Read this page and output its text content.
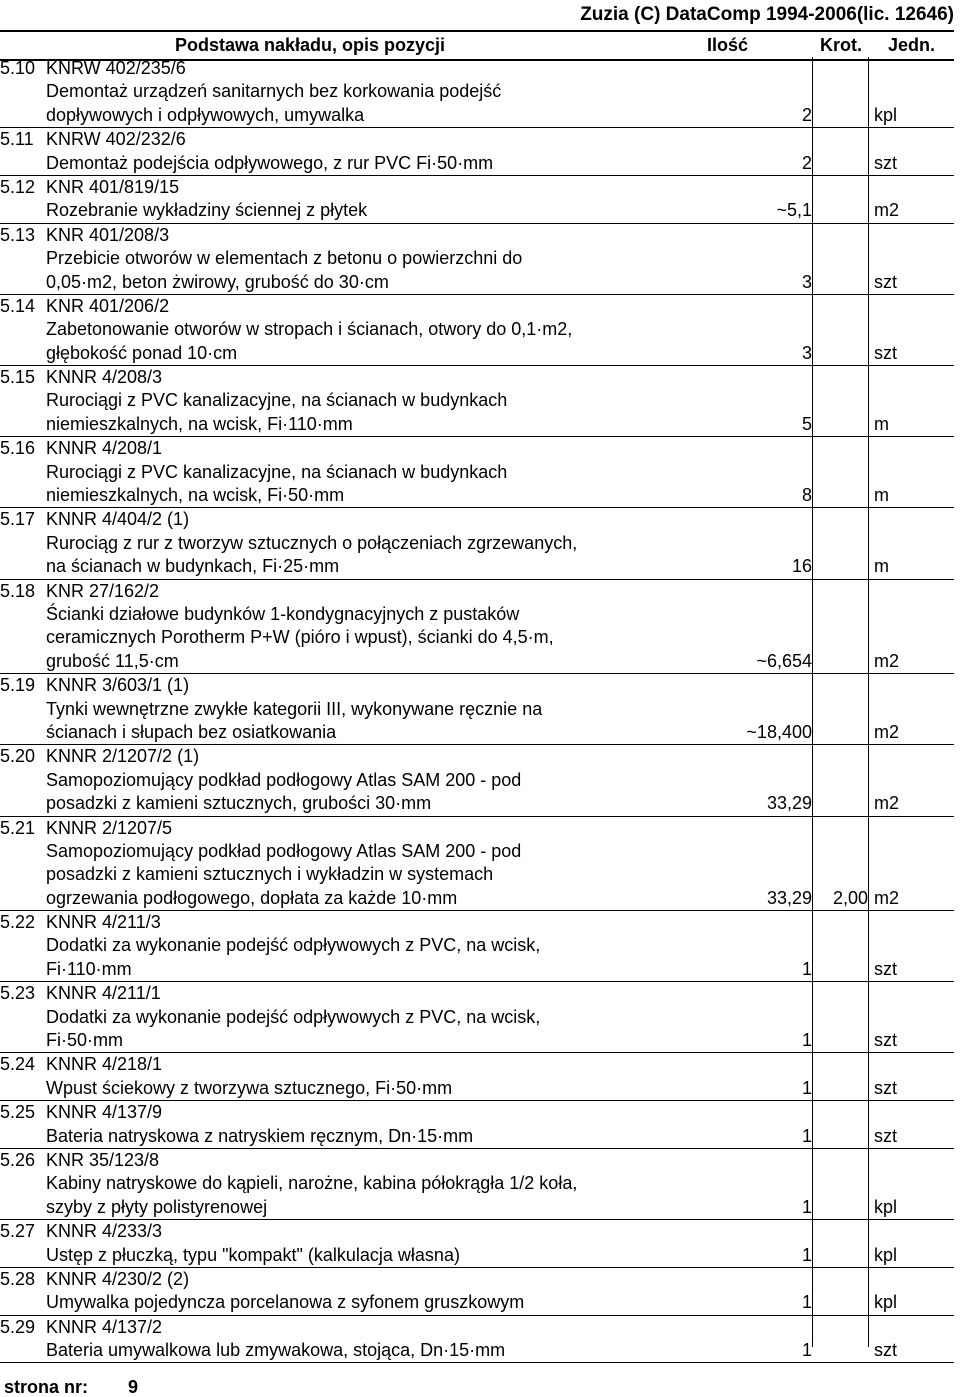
Zuzia (C) DataComp 1994-2006(lic. 12646)
Podstawa nakładu, opis pozycji	Ilość	Krot. Jedn.
5.10 KNRW 402/235/6
Demontaż urządzeń sanitarnych bez korkowania podejść
dopływowych i odpływowych, umywalka	2	kpl
5.11 KNRW 402/232/6
Demontaż podejścia odpływowego, z rur PVC Fi·50·mm	2	szt
5.12 KNR 401/819/15
Rozebranie wykładziny ściennej z płytek	~5,1	m2
5.13 KNR 401/208/3
Przebicie otworów w elementach z betonu o powierzchni do
0,05·m2, beton żwirowy, grubość do 30·cm	3	szt
5.14 KNR 401/206/2
Zabetonowanie otworów w stropach i ścianach, otwory do 0,1·m2,
głębokość ponad 10·cm	3	szt
5.15 KNNR 4/208/3
Rurociągi z PVC kanalizacyjne, na ścianach w budynkach
niemieszkalnych, na wcisk, Fi·110·mm	5	m
5.16 KNNR 4/208/1
Rurociągi z PVC kanalizacyjne, na ścianach w budynkach
niemieszkalnych, na wcisk, Fi·50·mm	8	m
5.17 KNNR 4/404/2 (1)
Rurociąg z rur z tworzyw sztucznych o połączeniach zgrzewanych,
na ścianach w budynkach, Fi·25·mm	16	m
5.18 KNR 27/162/2
Ścianki działowe budynków 1-kondygnacyjnych z pustaków
ceramicznych Porotherm P+W (pióro i wpust), ścianki do 4,5·m,
grubość 11,5·cm	~6,654	m2
5.19 KNNR 3/603/1 (1)
Tynki wewnętrzne zwykłe kategorii III, wykonywane ręcznie na
ścianach i słupach bez osiatkowania	~18,400	m2
5.20 KNNR 2/1207/2 (1)
Samopoziomujący podkład podłogowy Atlas SAM 200 - pod
posadzki z kamieni sztucznych, grubości 30·mm	33,29	m2
5.21 KNNR 2/1207/5
Samopoziomujący podkład podłogowy Atlas SAM 200 - pod
posadzki z kamieni sztucznych i wykładzin w systemach
ogrzewania podłogowego, dopłata za każde 10·mm	33,29 2,00 m2
5.22 KNNR 4/211/3
Dodatki za wykonanie podejść odpływowych z PVC, na wcisk,
Fi·110·mm	1	szt
5.23 KNNR 4/211/1
Dodatki za wykonanie podejść odpływowych z PVC, na wcisk,
Fi·50·mm	1	szt
5.24 KNNR 4/218/1
Wpust ściekowy z tworzywa sztucznego, Fi·50·mm	1	szt
5.25 KNNR 4/137/9
Bateria natryskowa z natryskiem ręcznym, Dn·15·mm	1	szt
5.26 KNR 35/123/8
Kabiny natryskowe do kąpieli, narożne, kabina półokrągła 1/2 koła,
szyby z płyty polistyrenowej	1	kpl
5.27 KNNR 4/233/3
Ustęp z płuczką, typu "kompakt" (kalkulacja własna)	1	kpl
5.28 KNNR 4/230/2 (2)
Umywalka pojedyncza porcelanowa z syfonem gruszkowym	1	kpl
5.29 KNNR 4/137/2
Bateria umywalkowa lub zmywakowa, stojąca, Dn·15·mm	1	szt
strona nr: 9
